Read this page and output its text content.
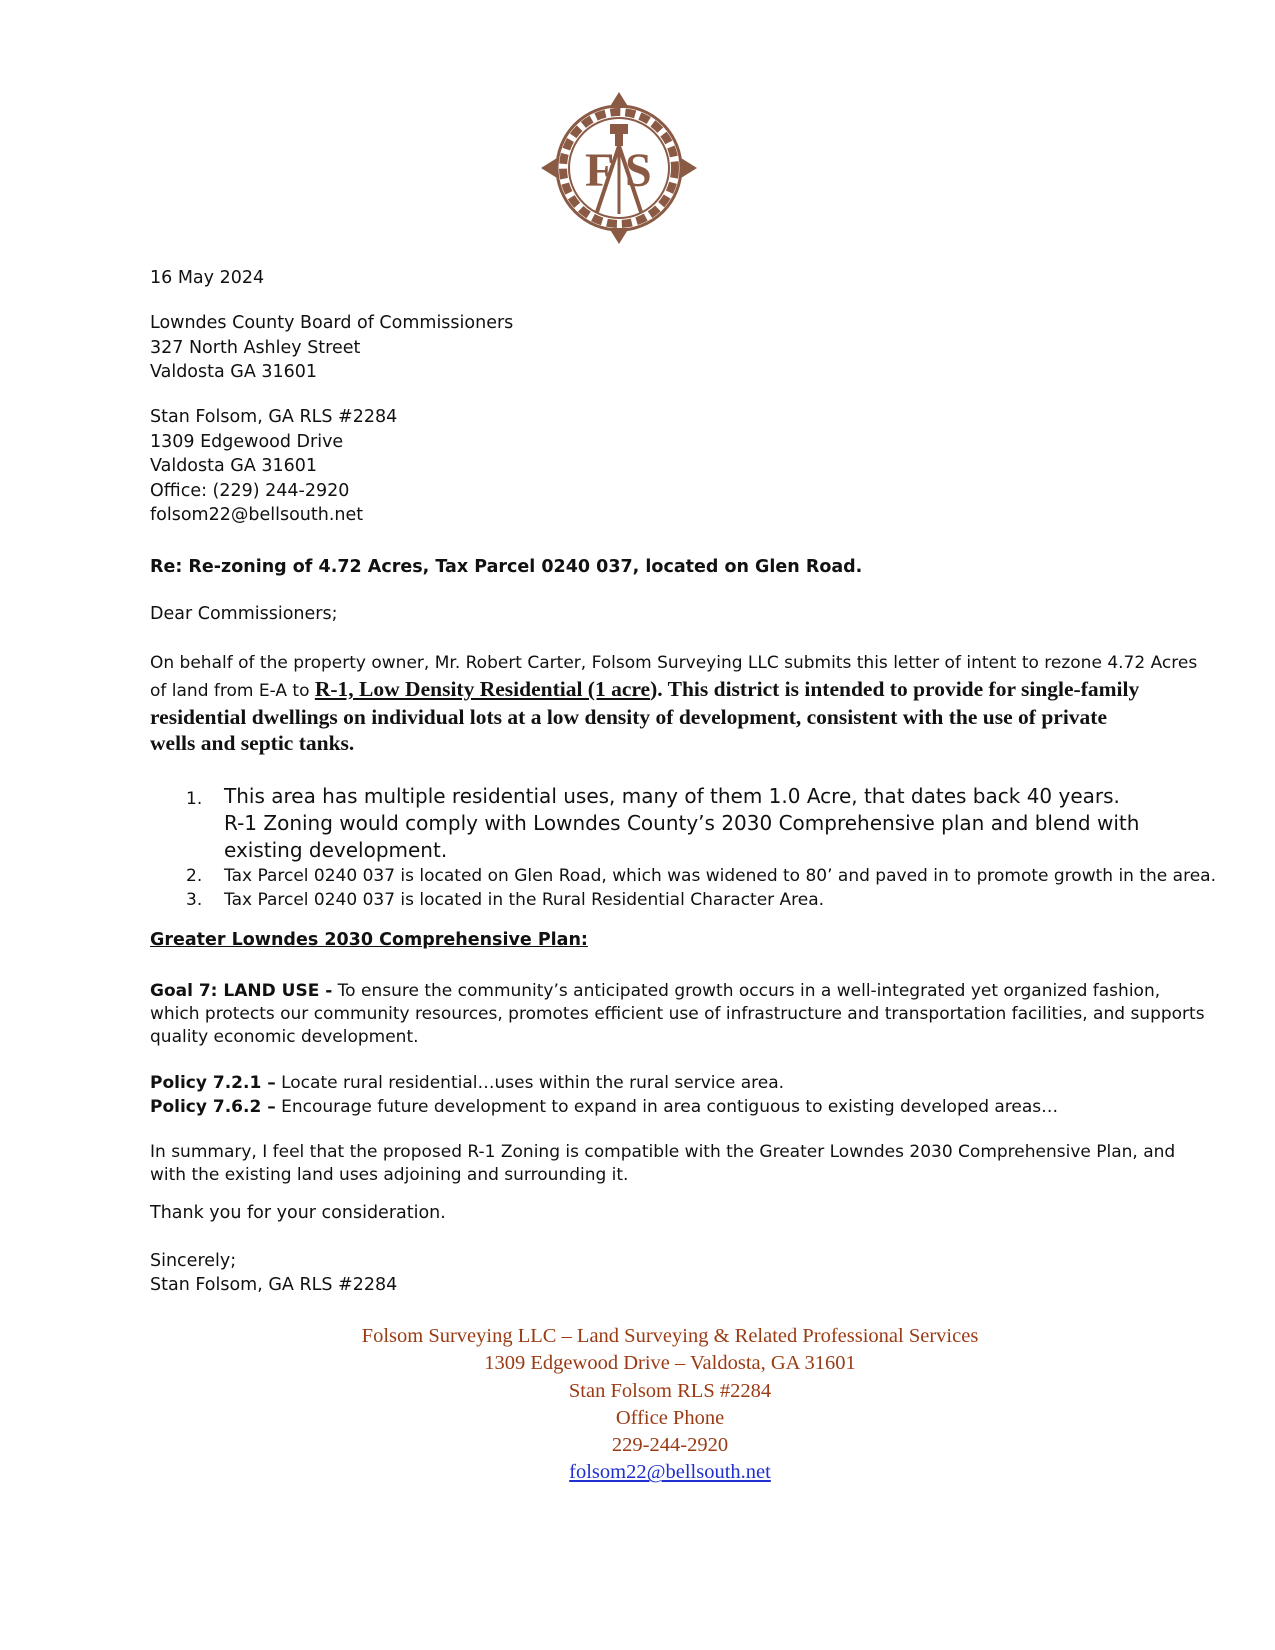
F S
16 May 2024
Lowndes County Board of Commissioners
327 North Ashley Street
Valdosta GA 31601
Stan Folsom, GA RLS #2284
1309 Edgewood Drive
Valdosta GA 31601
Office: (229) 244-2920
folsom22@bellsouth.net
Re: Re-zoning of 4.72 Acres, Tax Parcel 0240 037, located on Glen Road.
Dear Commissioners;
On behalf of the property owner, Mr. Robert Carter, Folsom Surveying LLC submits this letter of intent to rezone 4.72 Acres
of land from E-A to R-1, Low Density Residential (1 acre). This district is intended to provide for single-family
residential dwellings on individual lots at a low density of development, consistent with the use of private
wells and septic tanks.
1. This area has multiple residential uses, many of them 1.0 Acre, that dates back 40 years.
R-1 Zoning would comply with Lowndes County’s 2030 Comprehensive plan and blend with
existing development.
2. Tax Parcel 0240 037 is located on Glen Road, which was widened to 80’ and paved in to promote growth in the area.
3. Tax Parcel 0240 037 is located in the Rural Residential Character Area.
Greater Lowndes 2030 Comprehensive Plan:
Goal 7: LAND USE - To ensure the community’s anticipated growth occurs in a well-integrated yet organized fashion, which protects our community resources, promotes efficient use of infrastructure and transportation facilities, and supports quality economic development.
Policy 7.2.1 – Locate rural residential…uses within the rural service area.
Policy 7.6.2 – Encourage future development to expand in area contiguous to existing developed areas…
In summary, I feel that the proposed R-1 Zoning is compatible with the Greater Lowndes 2030 Comprehensive Plan, and with the existing land uses adjoining and surrounding it.
Thank you for your consideration.
Sincerely;
Stan Folsom, GA RLS #2284
Folsom Surveying LLC – Land Surveying & Related Professional Services
1309 Edgewood Drive – Valdosta, GA 31601
Stan Folsom RLS #2284
Office Phone
229-244-2920
folsom22@bellsouth.net
